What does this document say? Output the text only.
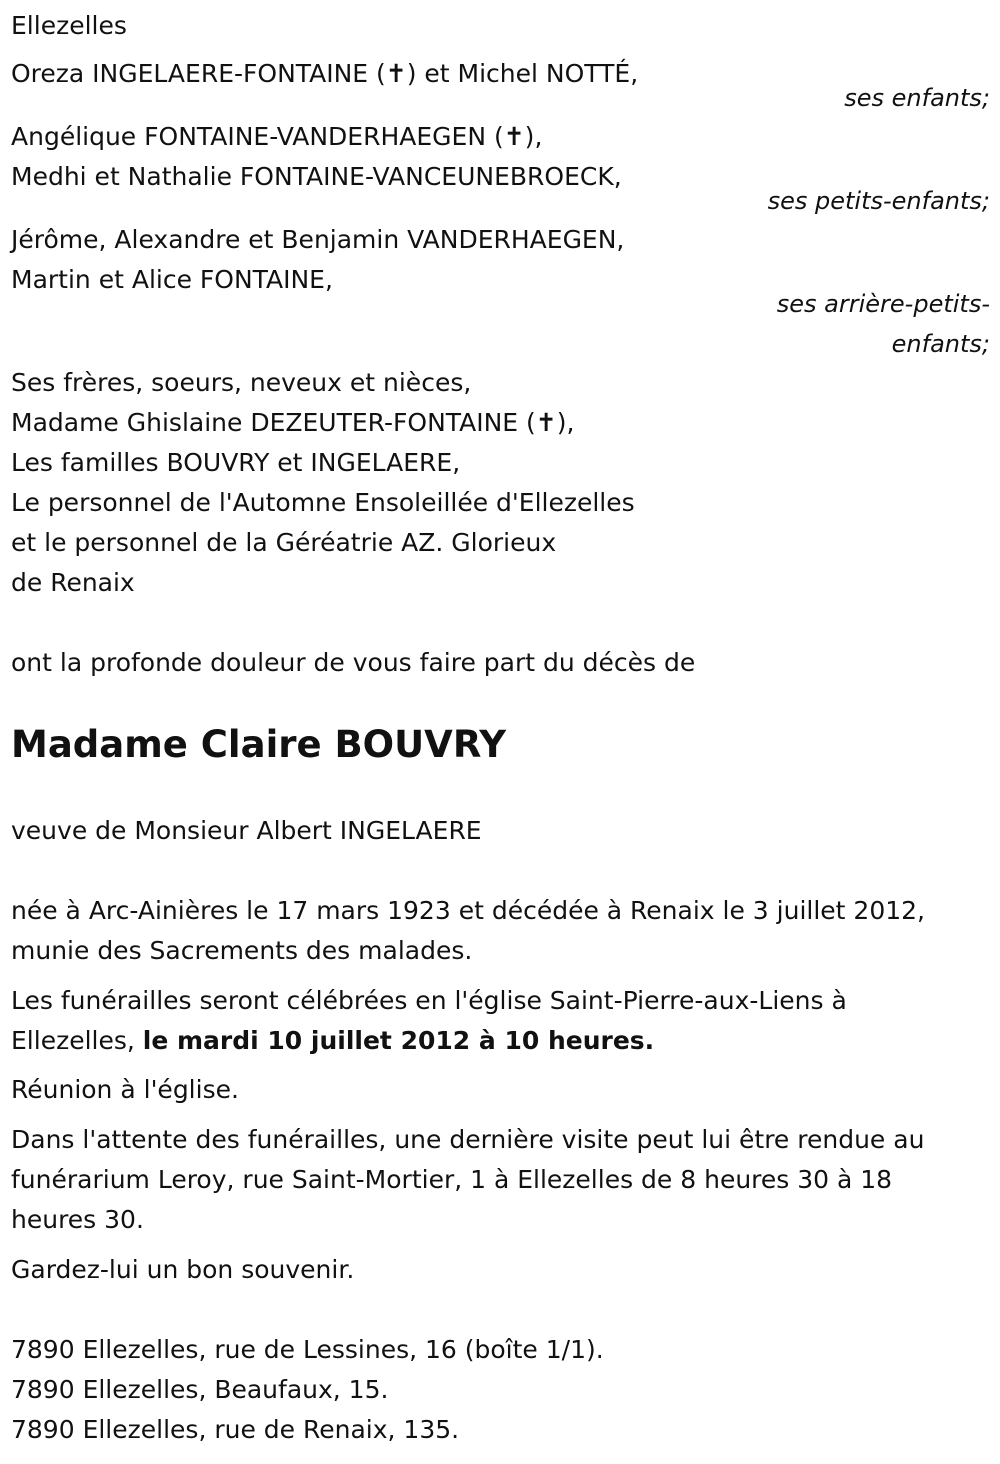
Ellezelles
Oreza INGELAERE-FONTAINE (✝) et Michel NOTTÉ,
ses enfants;
Angélique FONTAINE-VANDERHAEGEN (✝),
Medhi et Nathalie FONTAINE-VANCEUNEBROECK,
ses petits-enfants;
Jérôme, Alexandre et Benjamin VANDERHAEGEN,
Martin et Alice FONTAINE,
ses arrière-petits-
enfants;
Ses frères, soeurs, neveux et nièces,
Madame Ghislaine DEZEUTER-FONTAINE (✝),
Les familles BOUVRY et INGELAERE,
Le personnel de l'Automne Ensoleillée d'Ellezelles
et le personnel de la Géréatrie AZ. Glorieux
de Renaix
ont la profonde douleur de vous faire part du décès de
Madame Claire BOUVRY
veuve de Monsieur Albert INGELAERE
née à Arc-Ainières le 17 mars 1923 et décédée à Renaix le 3 juillet 2012,
munie des Sacrements des malades.
Les funérailles seront célébrées en l'église Saint-Pierre-aux-Liens à
Ellezelles, le mardi 10 juillet 2012 à 10 heures.
Réunion à l'église.
Dans l'attente des funérailles, une dernière visite peut lui être rendue au
funérarium Leroy, rue Saint-Mortier, 1 à Ellezelles de 8 heures 30 à 18
heures 30.
Gardez-lui un bon souvenir.
7890 Ellezelles, rue de Lessines, 16 (boîte 1/1).
7890 Ellezelles, Beaufaux, 15.
7890 Ellezelles, rue de Renaix, 135.
